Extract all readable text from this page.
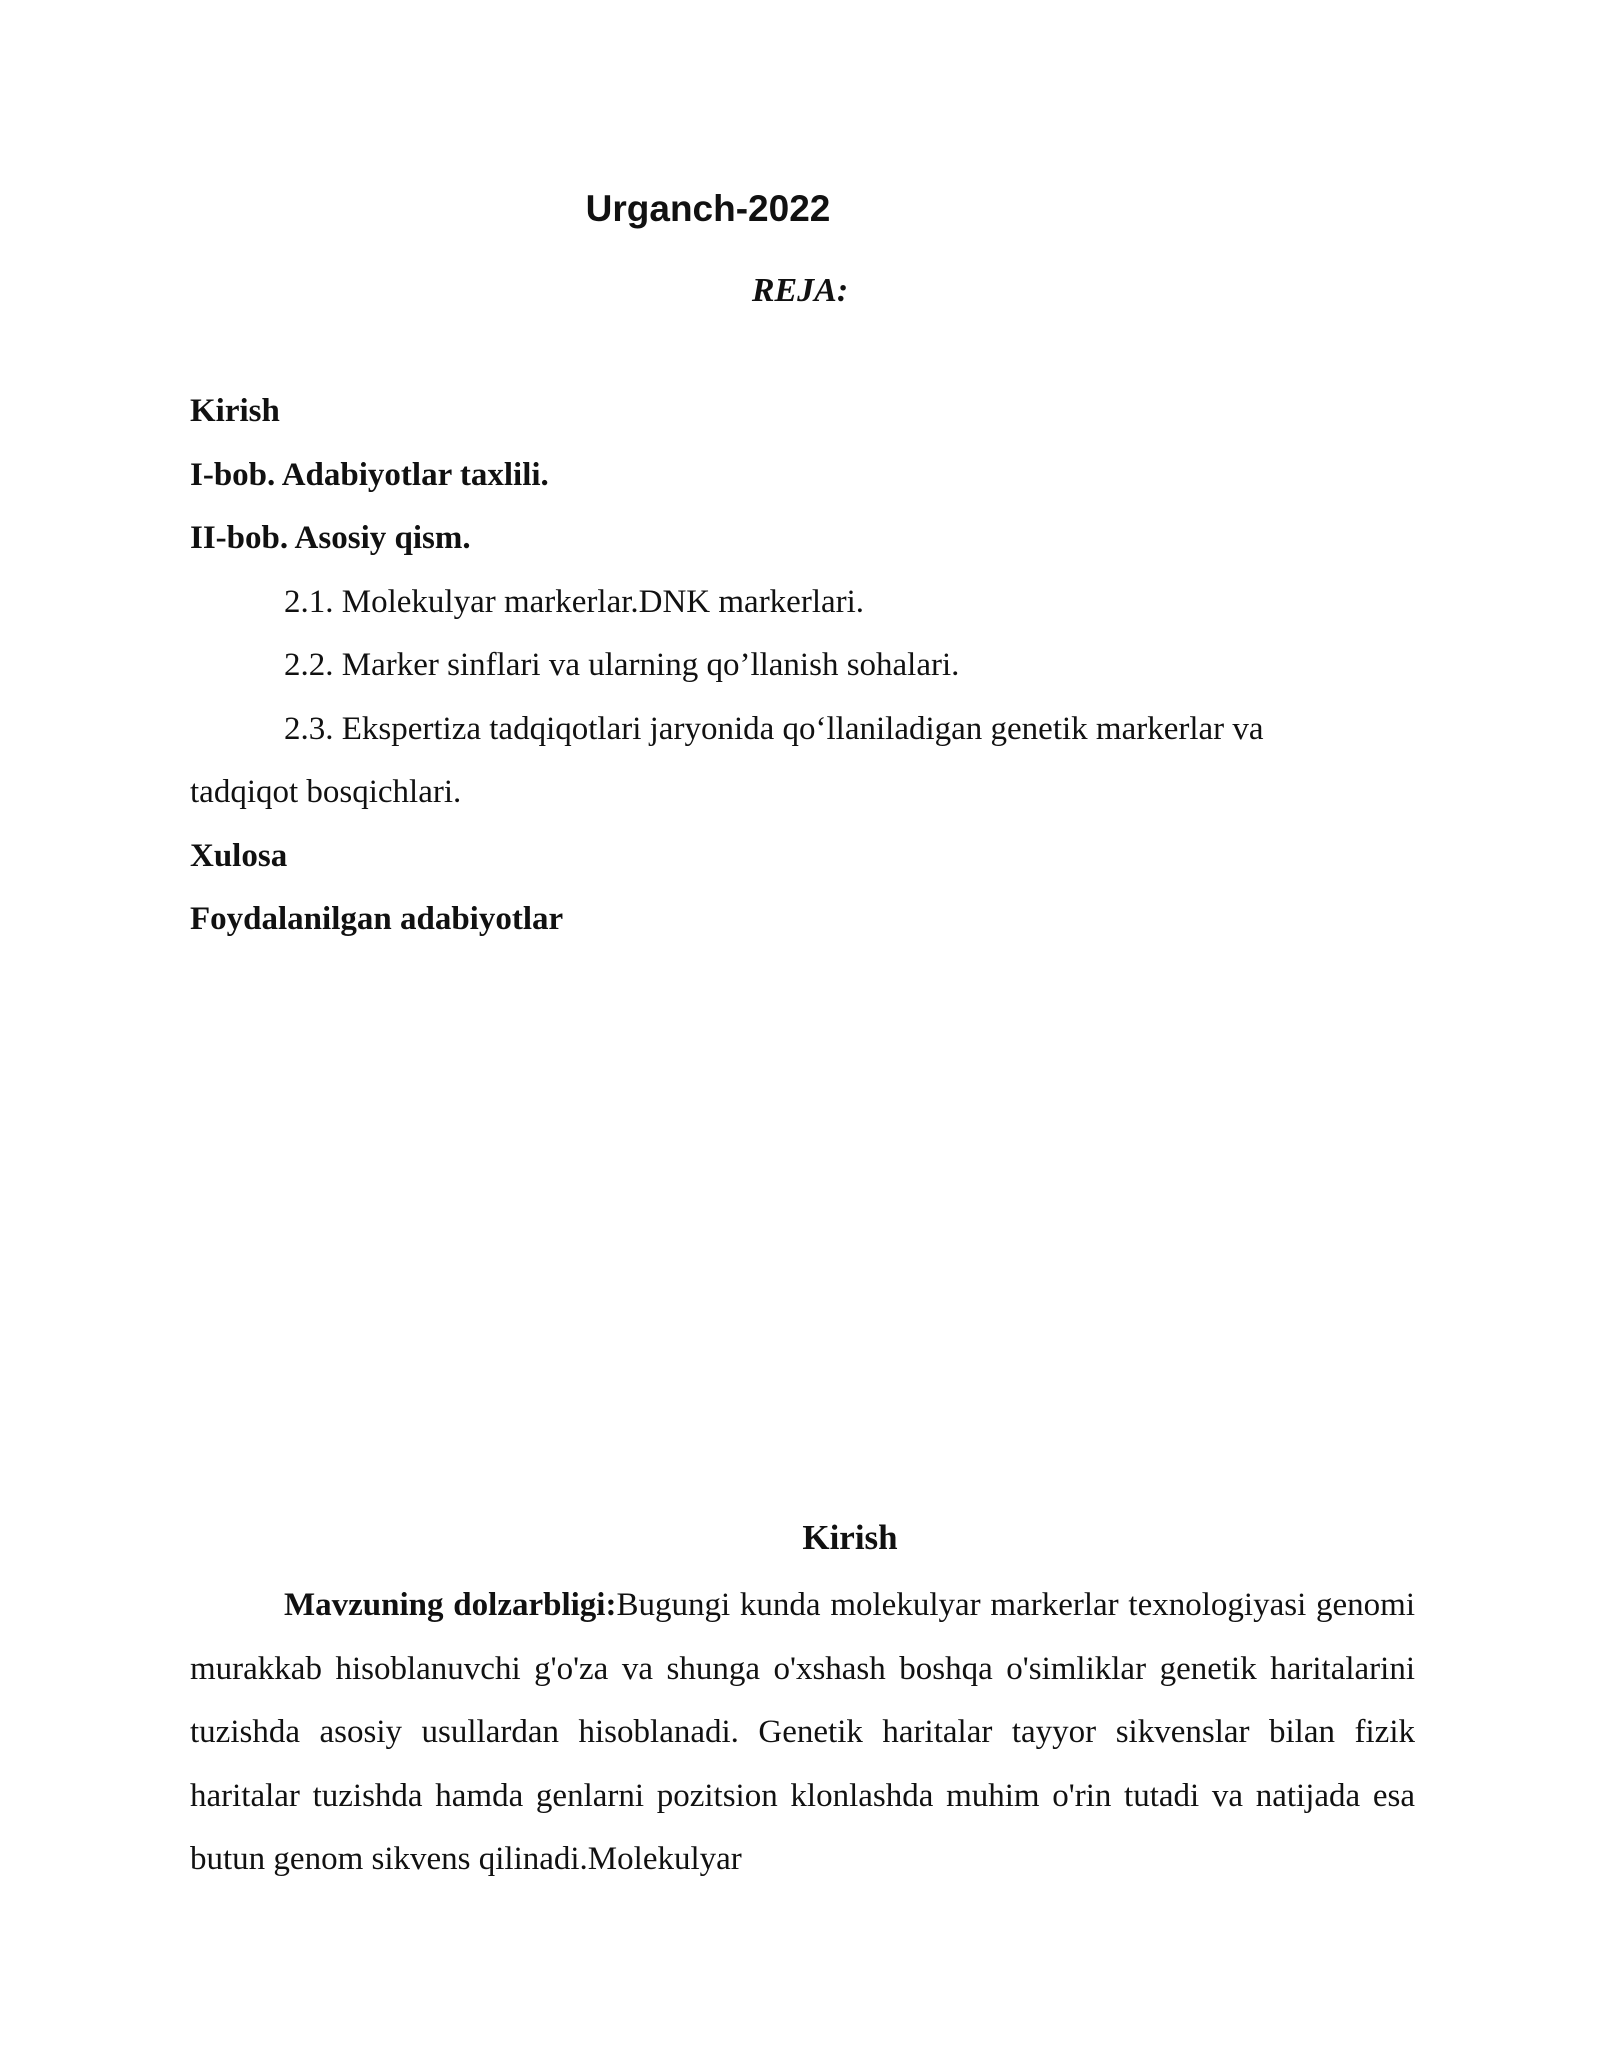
Urganch-2022
REJA:
Kirish
I-bob. Adabiyotlar taxlili.
II-bob. Asosiy qism.
2.1. Molekulyar markerlar.DNK markerlari.
2.2. Marker sinflari va ularning qo’llanish sohalari.
2.3. Ekspertiza tadqiqotlari jaryonida qo‘llaniladigan genetik markerlar va
tadqiqot bosqichlari.
Xulosa
Foydalanilgan adabiyotlar
Kirish
Mavzuning dolzarbligi:Bugungi kunda molekulyar markerlar texnologiyasi genomi murakkab hisoblanuvchi g'o'za va shunga o'xshash boshqa o'simliklar genetik haritalarini tuzishda asosiy usullardan hisoblanadi. Genetik haritalar tayyor sikvenslar bilan fizik haritalar tuzishda hamda genlarni pozitsion klonlashda muhim o'rin tutadi va natijada esa butun genom sikvens qilinadi.Molekulyar
